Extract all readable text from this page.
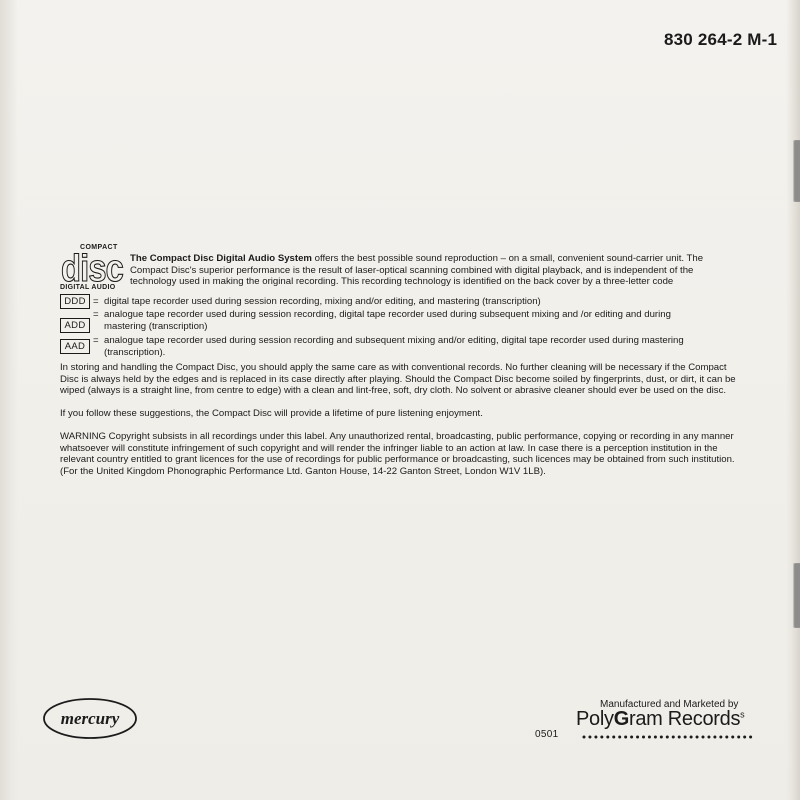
830 264-2 M-1
COMPACT
disc
DIGITAL AUDIO
The Compact Disc Digital Audio System offers the best possible sound reproduction – on a small, convenient sound-carrier unit. The Compact Disc's superior performance is the result of laser-optical scanning combined with digital playback, and is independent of the technology used in making the original recording. This recording technology is identified on the back cover by a three-letter code
DDD = digital tape recorder used during session recording, mixing and/or editing, and mastering (transcription)
ADD
= analogue tape recorder used during session recording, digital tape recorder used during subsequent mixing and /or editing and during
mastering (transcription)
AAD
= analogue tape recorder used during session recording and subsequent mixing and/or editing, digital tape recorder used during mastering
(transcription).
In storing and handling the Compact Disc, you should apply the same care as with conventional records. No further cleaning will be necessary if the Compact Disc is always held by the edges and is replaced in its case directly after playing. Should the Compact Disc become soiled by fingerprints, dust, or dirt, it can be wiped (always is a straight line, from centre to edge) with a clean and lint-free, soft, dry cloth. No solvent or abrasive cleaner should ever be used on the disc.
If you follow these suggestions, the Compact Disc will provide a lifetime of pure listening enjoyment.
WARNING Copyright subsists in all recordings under this label. Any unauthorized rental, broadcasting, public performance, copying or recording in any manner whatsoever will constitute infringement of such copyright and will render the infringer liable to an action at law. In case there is a perception institution in the relevant country entitled to grant licences for the use of recordings for public performance or broadcasting, such licences may be obtained from such institution. (For the United Kingdom Phonographic Performance Ltd. Ganton House, 14-22 Ganton Street, London W1V 1LB).
mercury
Manufactured and Marketed by
PolyGram Records$^s$
0501
